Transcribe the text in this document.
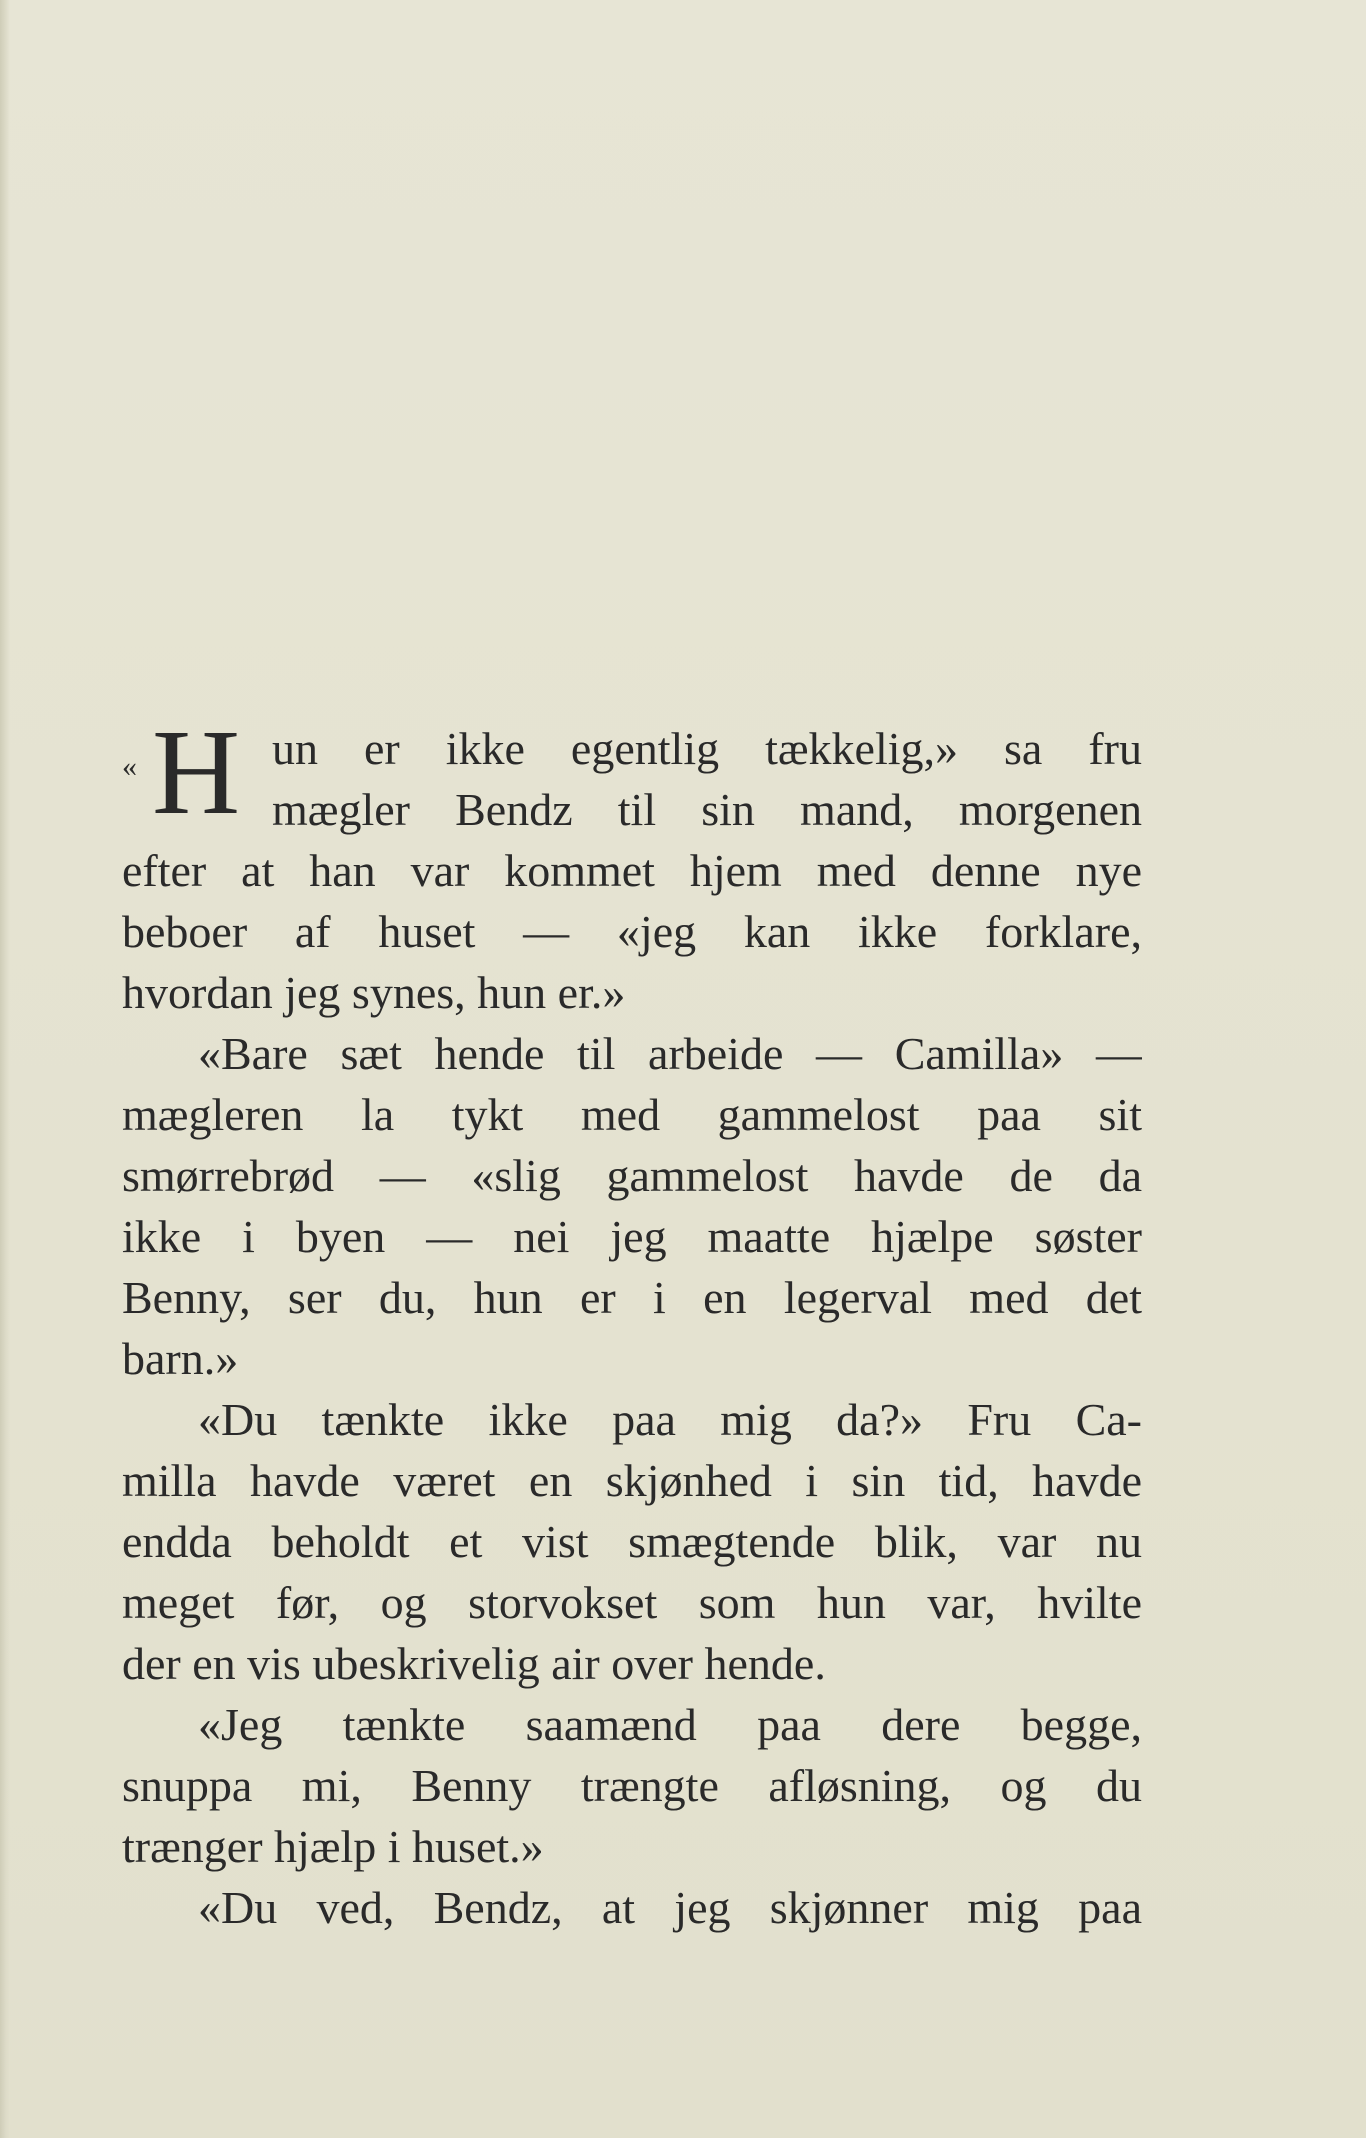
« H un er ikke egentlig tækkelig,» sa fru
mægler Bendz til sin mand, morgenen
efter at han var kommet hjem med denne nye
beboer af huset — «jeg kan ikke forklare,
hvordan jeg synes, hun er.»
«Bare sæt hende til arbeide — Camilla» —
mægleren la tykt med gammelost paa sit
smørrebrød — «slig gammelost havde de da
ikke i byen — nei jeg maatte hjælpe søster
Benny, ser du, hun er i en legerval med det
barn.»
«Du tænkte ikke paa mig da?» Fru Ca-
milla havde været en skjønhed i sin tid, havde
endda beholdt et vist smægtende blik, var nu
meget før, og storvokset som hun var, hvilte
der en vis ubeskrivelig air over hende.
«Jeg tænkte saamænd paa dere begge,
snuppa mi, Benny trængte afløsning, og du
trænger hjælp i huset.»
«Du ved, Bendz, at jeg skjønner mig paa
